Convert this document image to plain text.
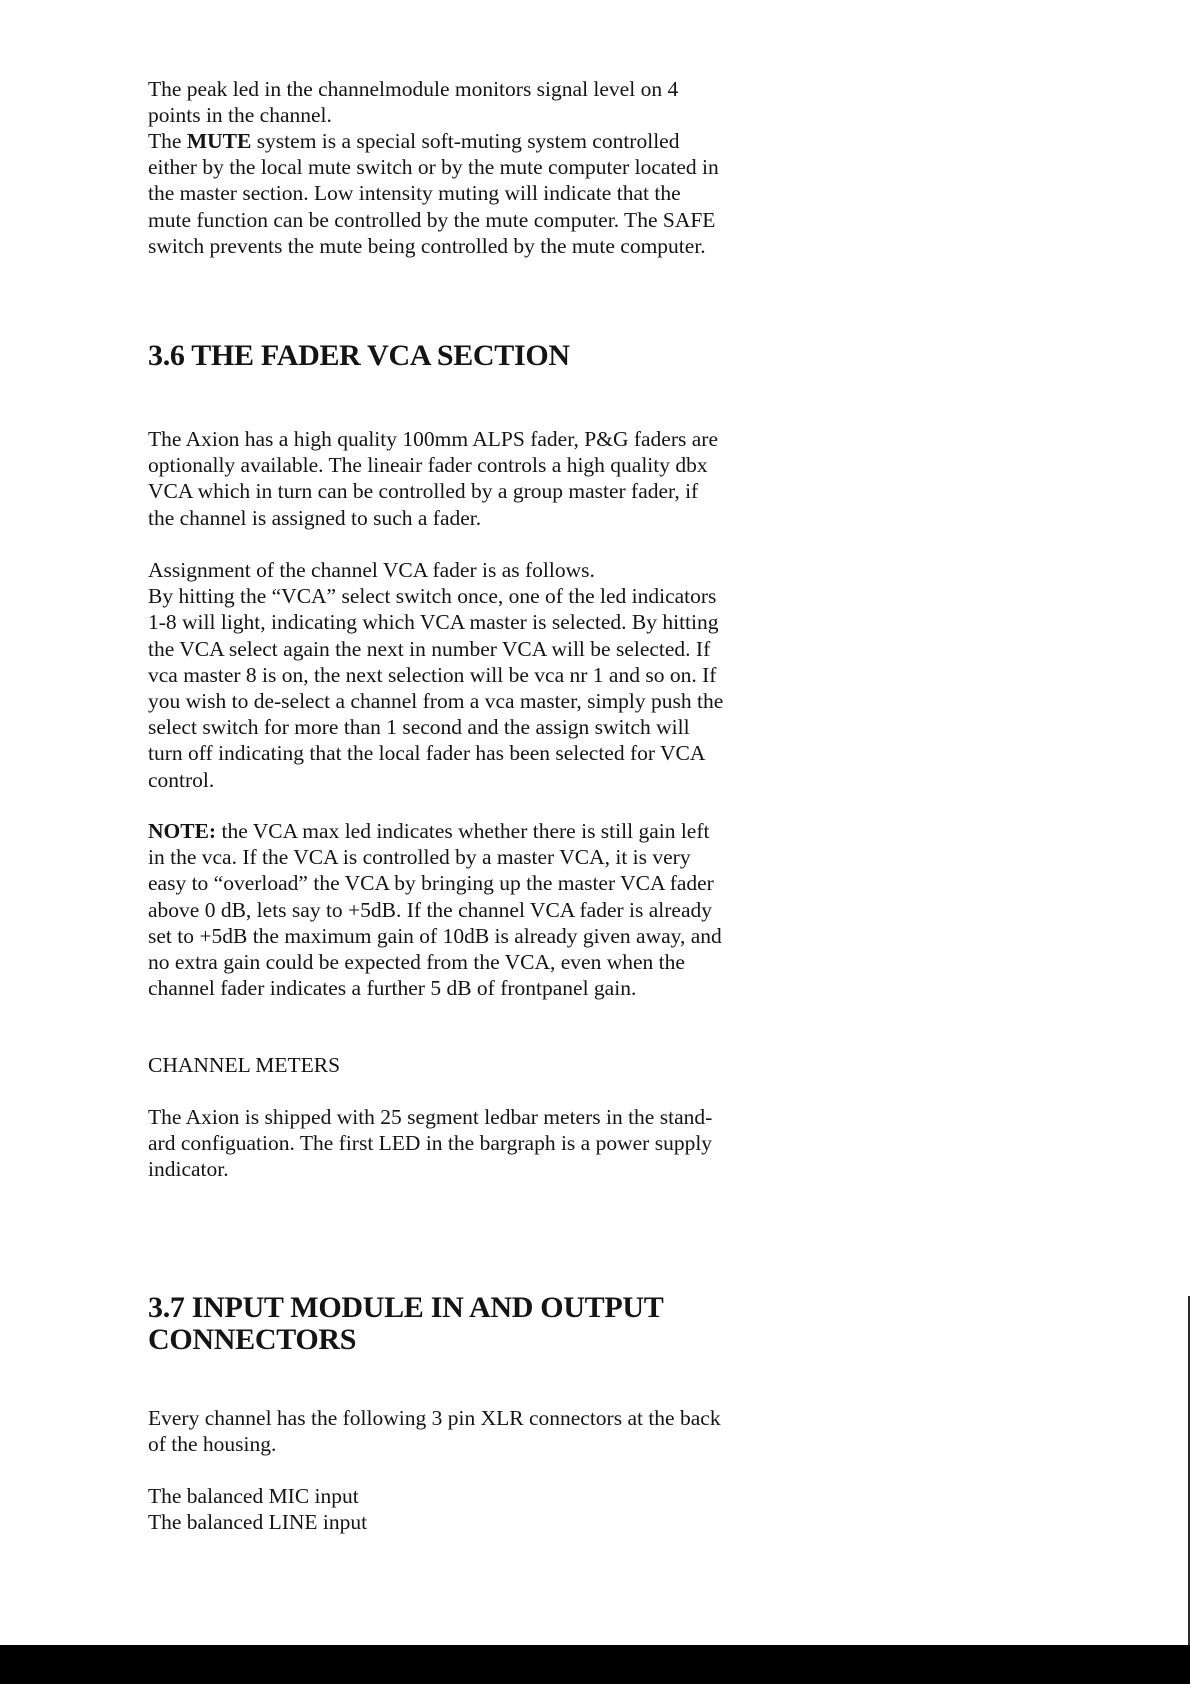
The peak led in the channelmodule monitors signal level on 4
points in the channel.

The MUTE system is a special soft-muting system controlled
either by the local mute switch or by the mute computer located in
the master section. Low intensity muting will indicate that the
mute function can be controlled by the mute computer. The SAFE
switch prevents the mute being controlled by the mute computer.

3.6 THE FADER VCA SECTION

The Axion has a high quality 100mm ALPS fader, P&G faders are
optionally available. The lineair fader controls a high quality dbx
VCA which in turn can be controlled by a group master fader, if
the channel is assigned to such a fader.

Assignment of the channel VCA fader is as follows.
By hitting the “VCA” select switch once, one of the led indicators
1-8 will light, indicating which VCA master is selected. By hitting
the VCA select again the next in number VCA will be selected. If
vca master 8 is on, the next selection will be vca nr 1 and so on. If
you wish to de-select a channel from a vca master, simply push the
select switch for more than 1 second and the assign switch will
turn off indicating that the local fader has been selected for VCA
control.

NOTE: the VCA max led indicates whether there is still gain left
in the vca. If the VCA is controlled by a master VCA, it is very
easy to “overload” the VCA by bringing up the master VCA fader
above 0 dB, lets say to +5dB. If the channel VCA fader is already
set to +5dB the maximum gain of 10dB is already given away, and
no extra gain could be expected from the VCA, even when the
channel fader indicates a further 5 dB of frontpanel gain.

CHANNEL METERS

The Axion is shipped with 25 segment ledbar meters in the stand-
ard configuation. The first LED in the bargraph is a power supply
indicator.

3.7 INPUT MODULE IN AND OUTPUT
CONNECTORS

Every channel has the following 3 pin XLR connectors at the back
of the housing.

The balanced MIC input
The balanced LINE input
